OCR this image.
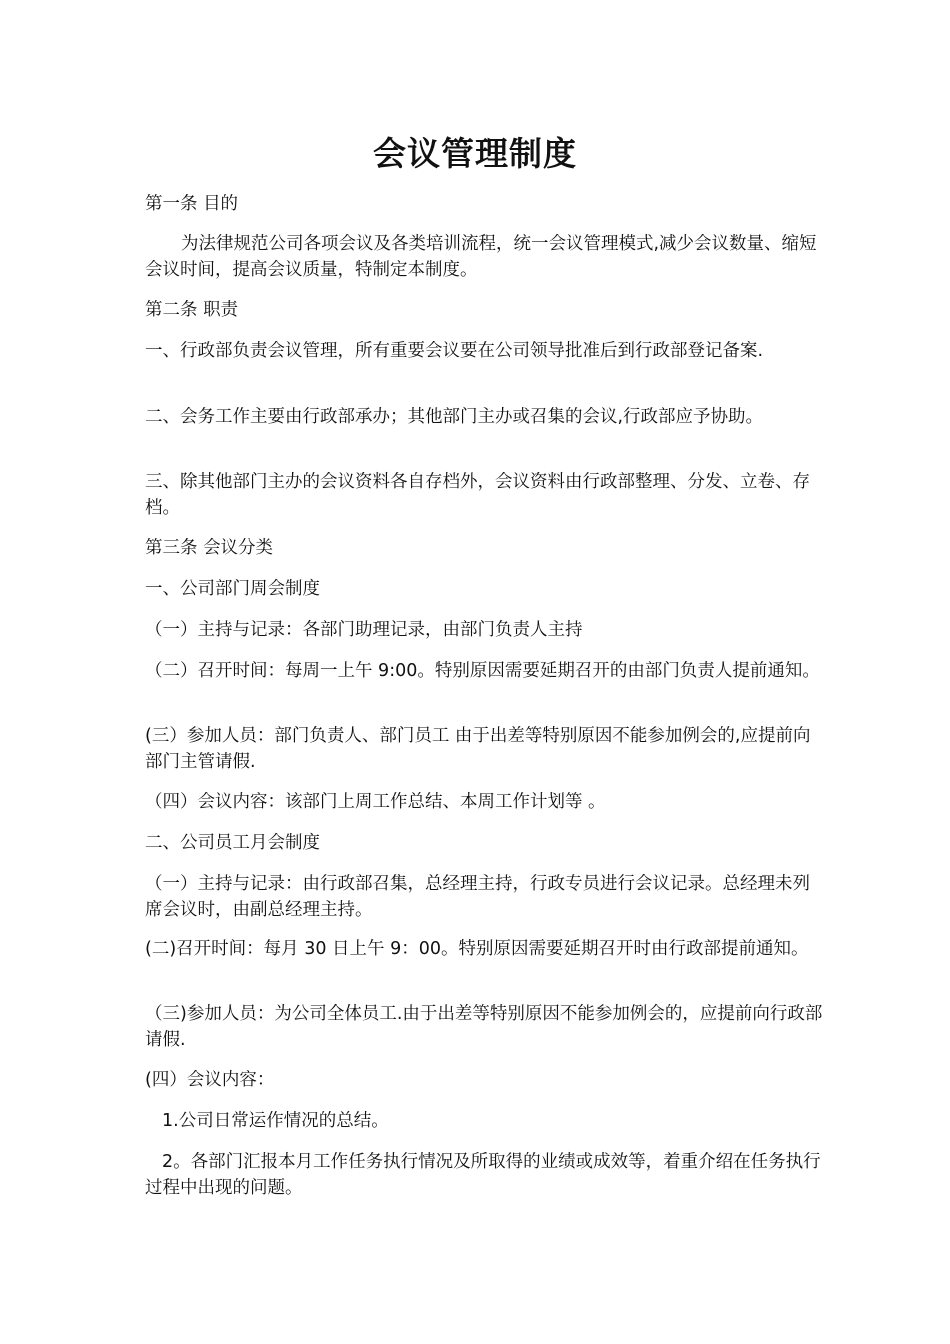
会议管理制度
第一条 目的
为法律规范公司各项会议及各类培训流程，统一会议管理模式,减少会议数量、缩短会议时间，提高会议质量，特制定本制度。
第二条 职责
一、行政部负责会议管理，所有重要会议要在公司领导批准后到行政部登记备案.
二、会务工作主要由行政部承办；其他部门主办或召集的会议,行政部应予协助。
三、除其他部门主办的会议资料各自存档外，会议资料由行政部整理、分发、立卷、存档。
第三条 会议分类
一、公司部门周会制度
（一）主持与记录：各部门助理记录，由部门负责人主持
（二）召开时间：每周一上午 9:00。特别原因需要延期召开的由部门负责人提前通知。
(三）参加人员：部门负责人、部门员工 由于出差等特别原因不能参加例会的,应提前向部门主管请假.
（四）会议内容：该部门上周工作总结、本周工作计划等 。
二、公司员工月会制度
（一）主持与记录：由行政部召集，总经理主持，行政专员进行会议记录。总经理未列席会议时，由副总经理主持。
(二)召开时间：每月 30 日上午 9：00。特别原因需要延期召开时由行政部提前通知。
（三)参加人员：为公司全体员工.由于出差等特别原因不能参加例会的，应提前向行政部请假.
(四）会议内容：
1.公司日常运作情况的总结。
2。各部门汇报本月工作任务执行情况及所取得的业绩或成效等，着重介绍在任务执行过程中出现的问题。
